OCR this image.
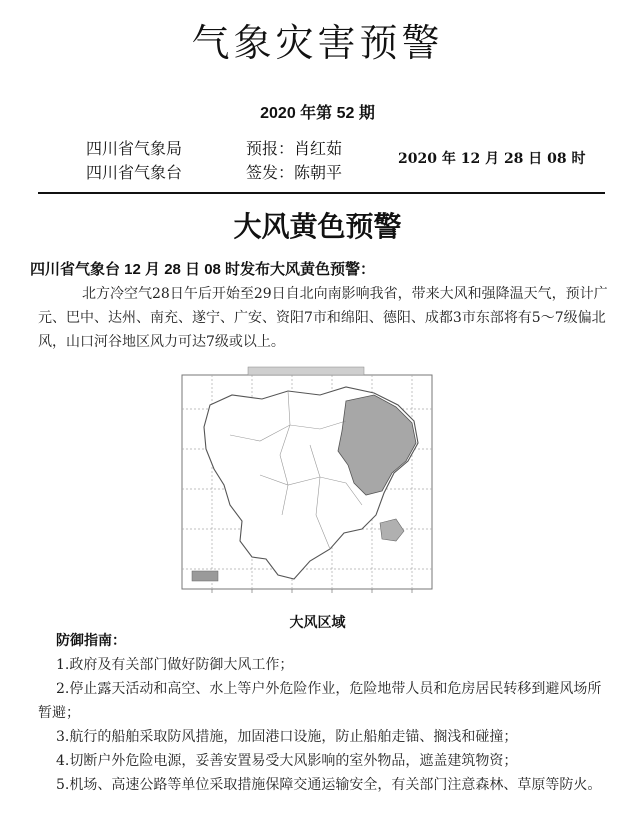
气象灾害预警
2020 年第 52 期
四川省气象局
四川省气象台
预报：肖红茹
签发：陈朝平
2020 年 12 月 28 日 08 时
大风黄色预警
四川省气象台 12 月 28 日 08 时发布大风黄色预警：
北方冷空气28日午后开始至29日自北向南影响我省，带来大风和强降温天气，预计广元、巴中、达州、南充、遂宁、广安、资阳7市和绵阳、德阳、成都3市东部将有5～7级偏北风，山口河谷地区风力可达7级或以上。
大风区域
防御指南：
1.政府及有关部门做好防御大风工作；
2.停止露天活动和高空、水上等户外危险作业，危险地带人员和危房居民转移到避风场所暂避；
3.航行的船舶采取防风措施，加固港口设施，防止船舶走锚、搁浅和碰撞；
4.切断户外危险电源，妥善安置易受大风影响的室外物品，遮盖建筑物资；
5.机场、高速公路等单位采取措施保障交通运输安全，有关部门注意森林、草原等防火。
